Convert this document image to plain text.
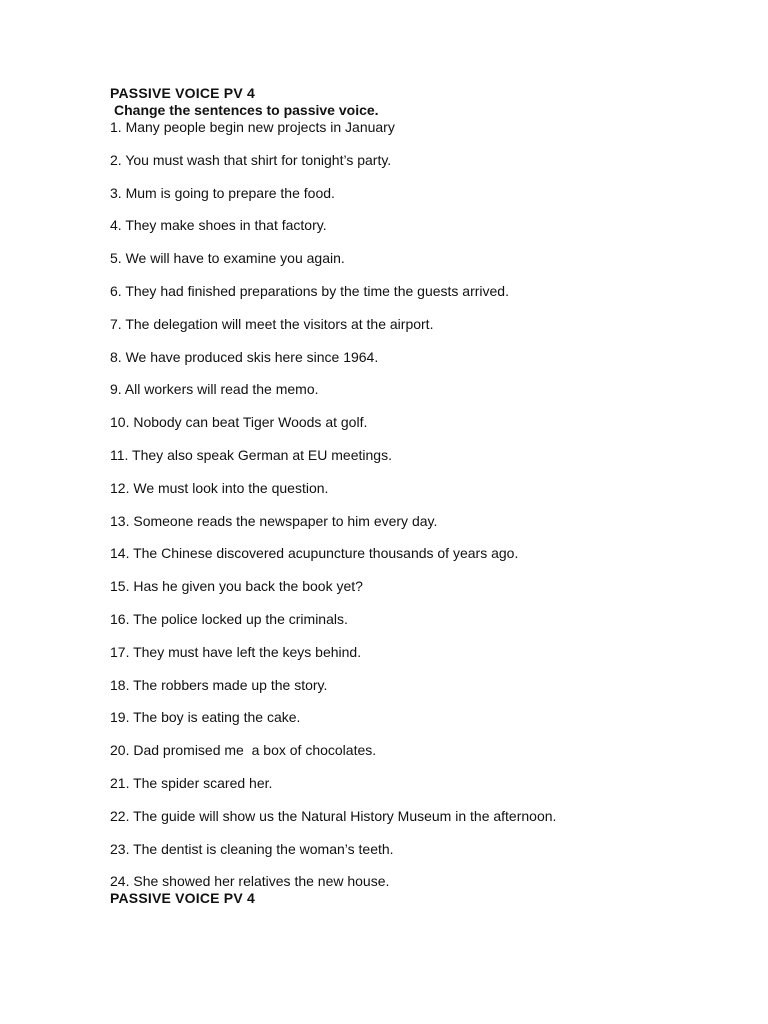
PASSIVE VOICE PV 4
Change the sentences to passive voice.
1. Many people begin new projects in January
2. You must wash that shirt for tonight’s party.
3. Mum is going to prepare the food.
4. They make shoes in that factory.
5. We will have to examine you again.
6. They had finished preparations by the time the guests arrived.
7. The delegation will meet the visitors at the airport.
8. We have produced skis here since 1964.
9. All workers will read the memo.
10. Nobody can beat Tiger Woods at golf.
11. They also speak German at EU meetings.
12. We must look into the question.
13. Someone reads the newspaper to him every day.
14. The Chinese discovered acupuncture thousands of years ago.
15. Has he given you back the book yet?
16. The police locked up the criminals.
17. They must have left the keys behind.
18. The robbers made up the story.
19. The boy is eating the cake.
20. Dad promised me  a box of chocolates.
21. The spider scared her.
22. The guide will show us the Natural History Museum in the afternoon.
23. The dentist is cleaning the woman’s teeth.
24. She showed her relatives the new house.
PASSIVE VOICE PV 4
